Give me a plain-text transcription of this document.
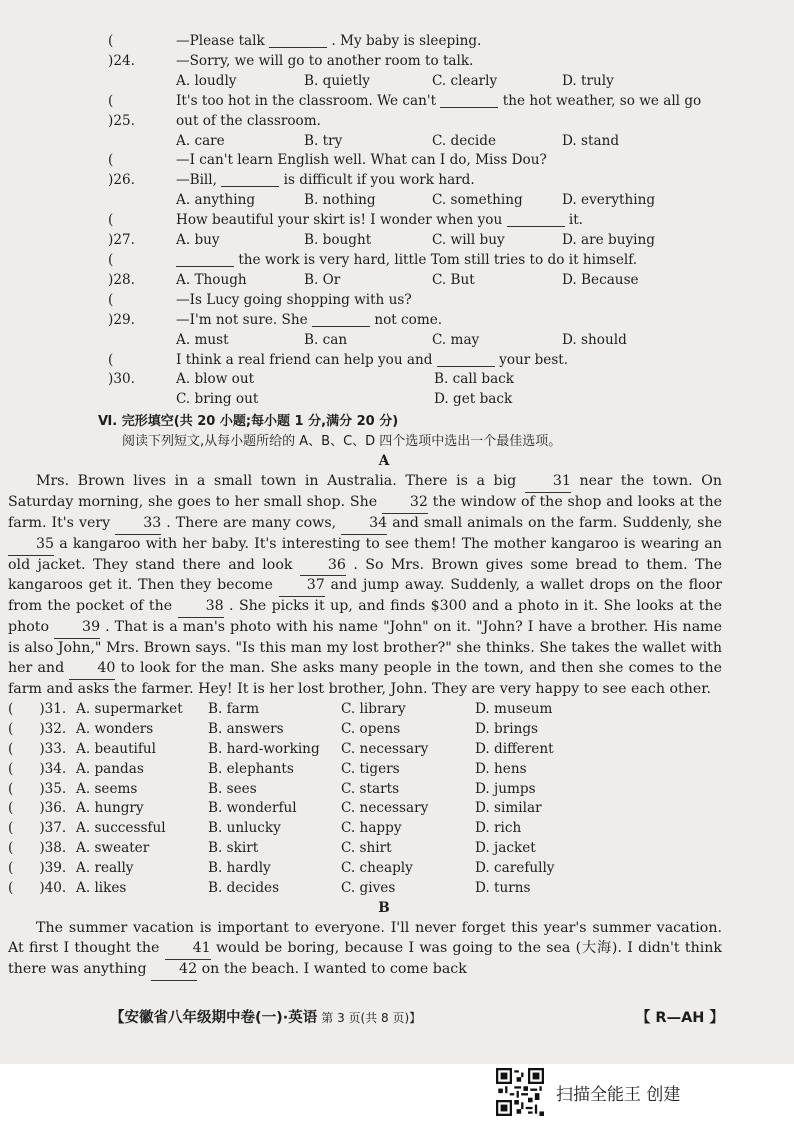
()24.
—Please talk	. My baby is sleeping.
—Sorry, we will go to another room to talk.
A. loudly	B. quietly	C. clearly	D. truly
()25.
It's too hot in the classroom. We can't	the hot weather, so we all go
out of the classroom.
A. care	B. try	C. decide	D. stand
()26.
—I can't learn English well. What can I do, Miss Dou?
—Bill,	is difficult if you work hard.
A. anything	B. nothing	C. something	D. everything
()27.
How beautiful your skirt is! I wonder when you	it.
A. buy	B. bought	C. will buy	D. are buying
()28.
the work is very hard, little Tom still tries to do it himself.
A. Though	B. Or	C. But	D. Because
()29.
—Is Lucy going shopping with us?
—I'm not sure. She	not come.
A. must	B. can	C. may	D. should
()30.
I think a real friend can help you and	your best.
A. blow out	B. call back
C. bring out	D. get back
Ⅵ. 完形填空(共 20 小题;每小题 1 分,满分 20 分)
阅读下列短文,从每小题所给的 A、B、C、D 四个选项中选出一个最佳选项。
A

Mrs. Brown lives in a small town in Australia. There is a big	31 near the town. On Saturday morning, she goes to her small shop. She 32 the window of the shop and looks at the farm. It's very 33 . There are many cows, 34 and small animals on the farm. Suddenly, she 35 a kangaroo with her baby. It's interesting to see them! The mother kangaroo is wearing an old jacket. They stand there and look 36 . So Mrs. Brown gives some bread to them. The kangaroos get it. Then they become 37 and jump away. Suddenly, a wallet drops on the floor from the pocket of the 38 . She picks it up, and finds $300 and a photo in it. She looks at the photo 39 . That is a man's photo with his name "John" on it. "John? I have a brother. His name is also John," Mrs. Brown says. "Is this man my lost brother?" she thinks. She takes the wallet with her and 40 to look for the man. She asks many people in the town, and then she comes to the farm and asks the farmer. Hey! It is her lost brother, John. They are very happy to see each other.

( ) 31. A. supermarket	B. farm	C. library	D. museum
( ) 32. A. wonders	B. answers	C. opens	D. brings
( ) 33. A. beautiful	B. hard-working	C. necessary	D. different
( ) 34. A. pandas	B. elephants	C. tigers	D. hens
( ) 35. A. seems	B. sees	C. starts	D. jumps
( ) 36. A. hungry	B. wonderful	C. necessary	D. similar
( ) 37. A. successful	B. unlucky	C. happy	D. rich
( ) 38. A. sweater	B. skirt	C. shirt	D. jacket
( ) 39. A. really	B. hardly	C. cheaply	D. carefully
( ) 40. A. likes	B. decides	C. gives	D. turns
B

The summer vacation is important to everyone. I'll never forget this year's summer vacation. At first I thought the 41 would be boring, because I was going to the sea (大海). I didn't think there was anything 42 on the beach. I wanted to come back

【安徽省八年级期中卷(一)·英语 第 3 页(共 8 页)】	【 R—AH 】
扫描全能王 创建
